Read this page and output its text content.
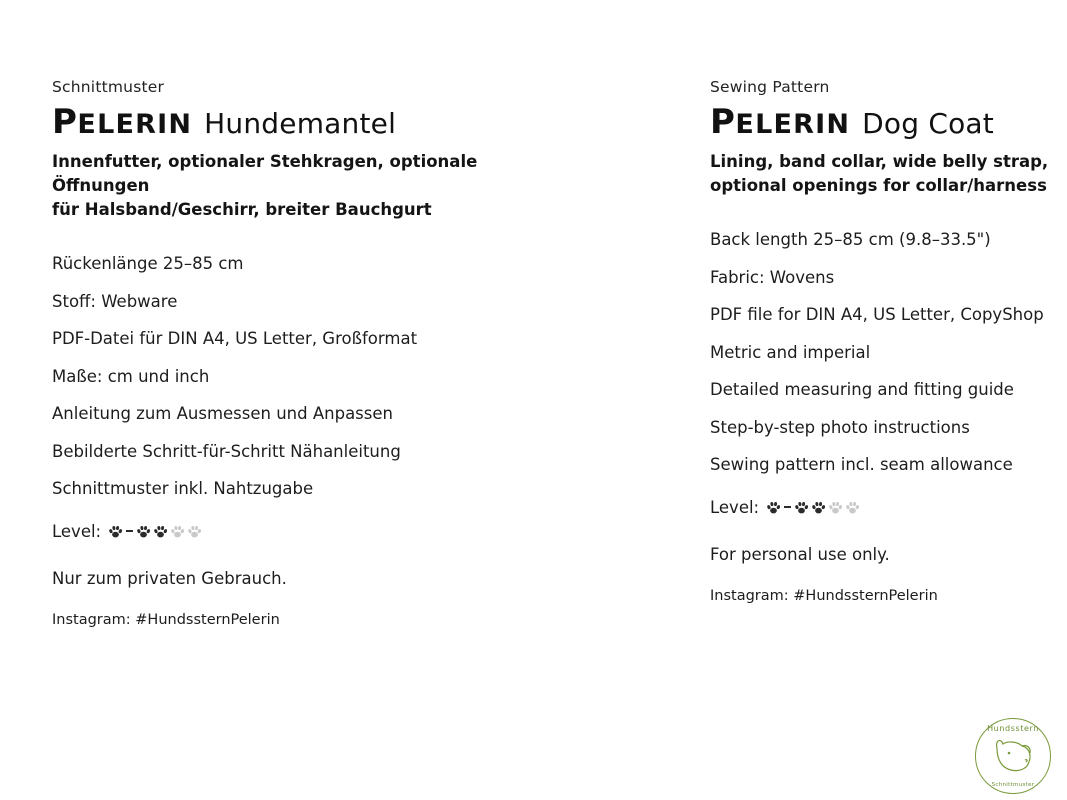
Schnittmuster

PELERIN Hundemantel

Innenfutter, optionaler Stehkragen, optionale Öffnungen
für Halsband/Geschirr, breiter Bauchgurt

Rückenlänge 25–85 cm
Stoff: Webware
PDF-Datei für DIN A4, US Letter, Großformat
Maße: cm und inch
Anleitung zum Ausmessen und Anpassen
Bebilderte Schritt-für-Schritt Nähanleitung
Schnittmuster inkl. Nahtzugabe
Level:

Nur zum privaten Gebrauch.

Instagram: #HundssternPelerin

Sewing Pattern

PELERIN Dog Coat

Lining, band collar, wide belly strap,
optional openings for collar/harness

Back length 25–85 cm (9.8–33.5")
Fabric: Wovens
PDF file for DIN A4, US Letter, CopyShop
Metric and imperial
Detailed measuring and fitting guide
Step-by-step photo instructions
Sewing pattern incl. seam allowance
Level:

For personal use only.

Instagram: #HundssternPelerin

Hundsstern
Schnittmuster
